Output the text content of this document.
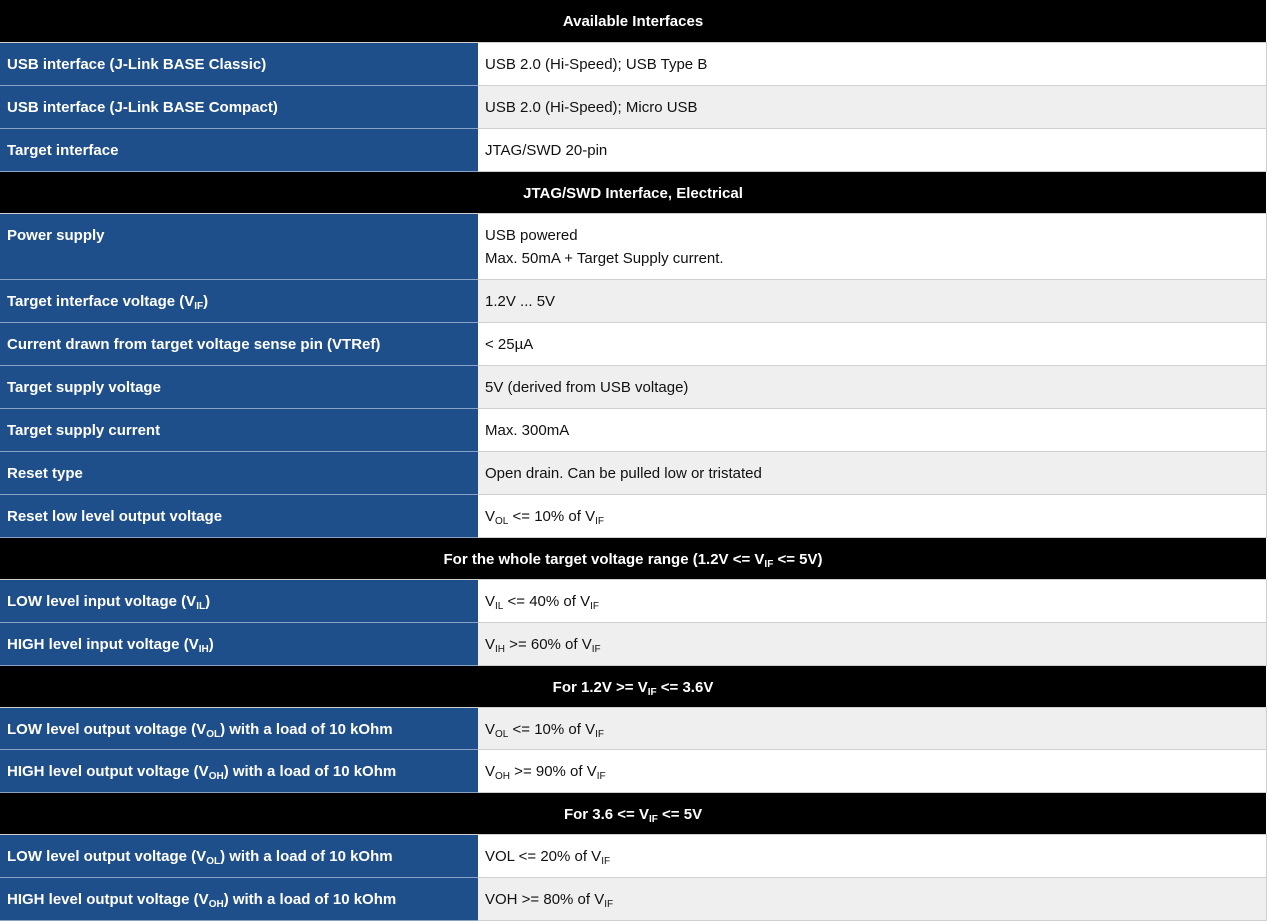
Available Interfaces	
USB interface (J-Link BASE Classic)	USB 2.0 (Hi-Speed); USB Type B
USB interface (J-Link BASE Compact)	USB 2.0 (Hi-Speed); Micro USB
Target interface	JTAG/SWD 20-pin
JTAG/SWD Interface, Electrical	
Power supply	USB powered
Max. 50mA + Target Supply current.

Target interface voltage $(V_{IF})$	1.2V ... 5V
Current drawn from target voltage sense pin (VTRef)	< 25µA
Target supply voltage	5V (derived from USB voltage)
Target supply current	Max. 300mA
Reset type	Open drain. Can be pulled low or tristated
Reset low level output voltage	$V_{OL} <= 10\%$ of $V_{IF}$
For the whole target voltage range $(1.2V <= V_{IF} <= 5V)$	
LOW level input voltage $(V_{IL})$	$V_{IL} <= 40\%$ of $V_{IF}$
HIGH level input voltage $(V_{IH})$	$V_{IH} >= 60\%$ of $V_{IF}$
For $1.2V >= V_{IF} <= 3.6V$	
LOW level output voltage $(V_{OL})$ with a load of 10 kOhm	$V_{OL} <= 10\%$ of $V_{IF}$
HIGH level output voltage $(V_{OH})$ with a load of 10 kOhm	$V_{OH} >= 90\%$ of $V_{IF}$
For $3.6 <= V_{IF} <= 5V$	
LOW level output voltage $(V_{OL})$ with a load of 10 kOhm	VOL <= 20% of $V_{IF}$
HIGH level output voltage $(V_{OH})$ with a load of 10 kOhm	VOH >= 80% of $V_{IF}$
